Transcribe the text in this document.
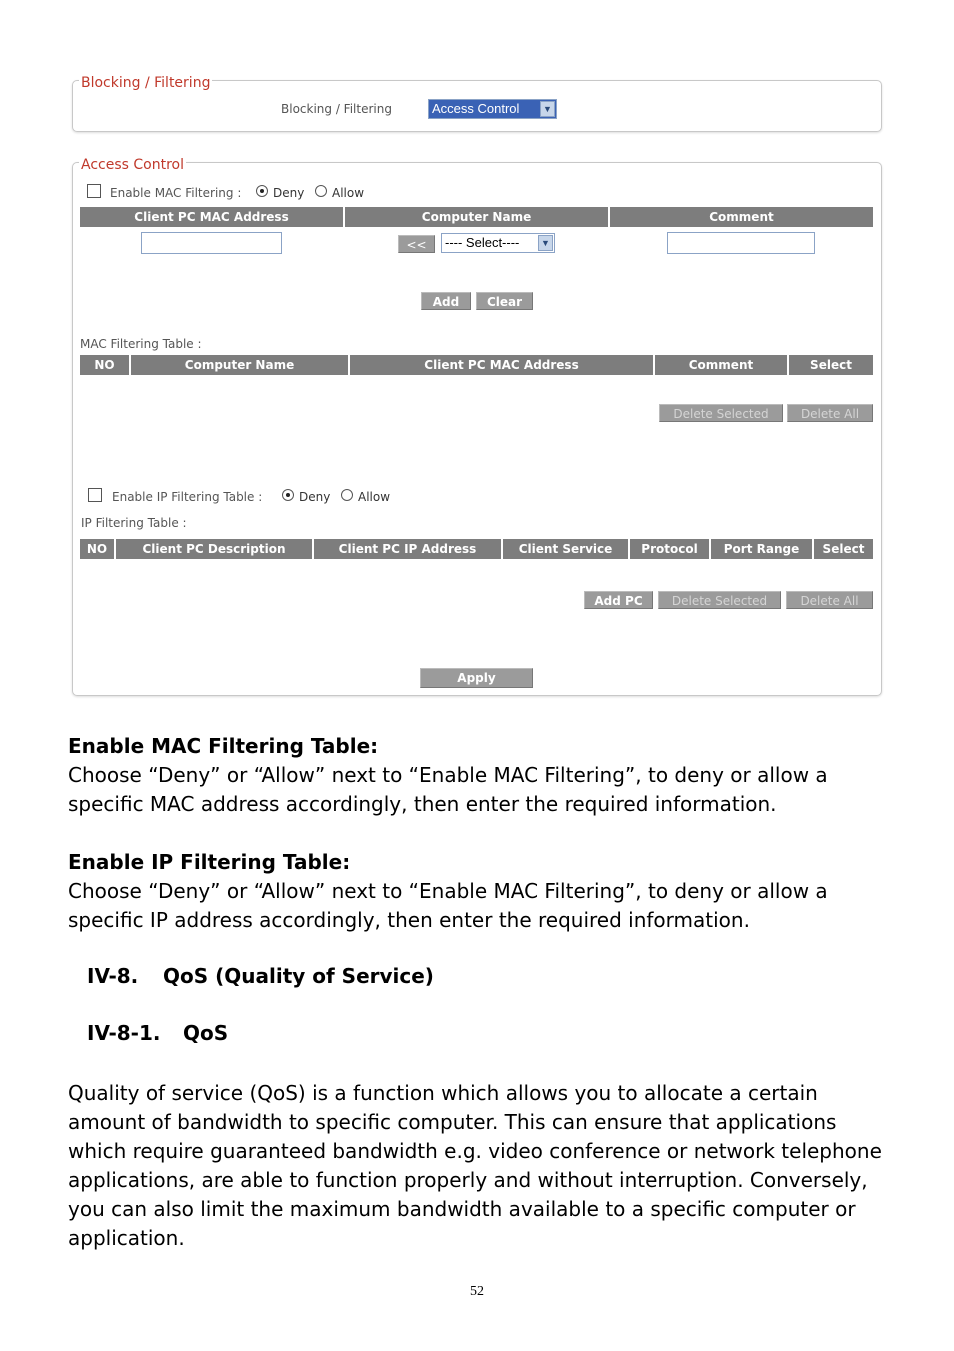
Blocking / Filtering
Blocking / Filtering	Access Control	▼
Access Control
Enable MAC Filtering :	Deny Allow
Client PC MAC Address	Computer Name	Comment
<<	---- Select----	▼
Add	Clear
MAC Filtering Table :
NO	Computer Name	Client PC MAC Address	Comment	Select
Delete Selected	Delete All
Enable IP Filtering Table :	Deny Allow
IP Filtering Table :
NO	Client PC Description	Client PC IP Address	Client Service	Protocol	Port Range	Select
Add PC	Delete Selected	Delete All
Apply
Enable MAC Filtering Table:
Choose “Deny” or “Allow” next to “Enable MAC Filtering”, to deny or allow a specific MAC address accordingly, then enter the required information.
Enable IP Filtering Table:
Choose “Deny” or “Allow” next to “Enable MAC Filtering”, to deny or allow a specific IP address accordingly, then enter the required information.
IV-8. QoS (Quality of Service)
IV-8-1. QoS
Quality of service (QoS) is a function which allows you to allocate a certain amount of bandwidth to specific computer. This can ensure that applications which require guaranteed bandwidth e.g. video conference or network telephone applications, are able to function properly and without interruption. Conversely, you can also limit the maximum bandwidth available to a specific computer or application.
52
